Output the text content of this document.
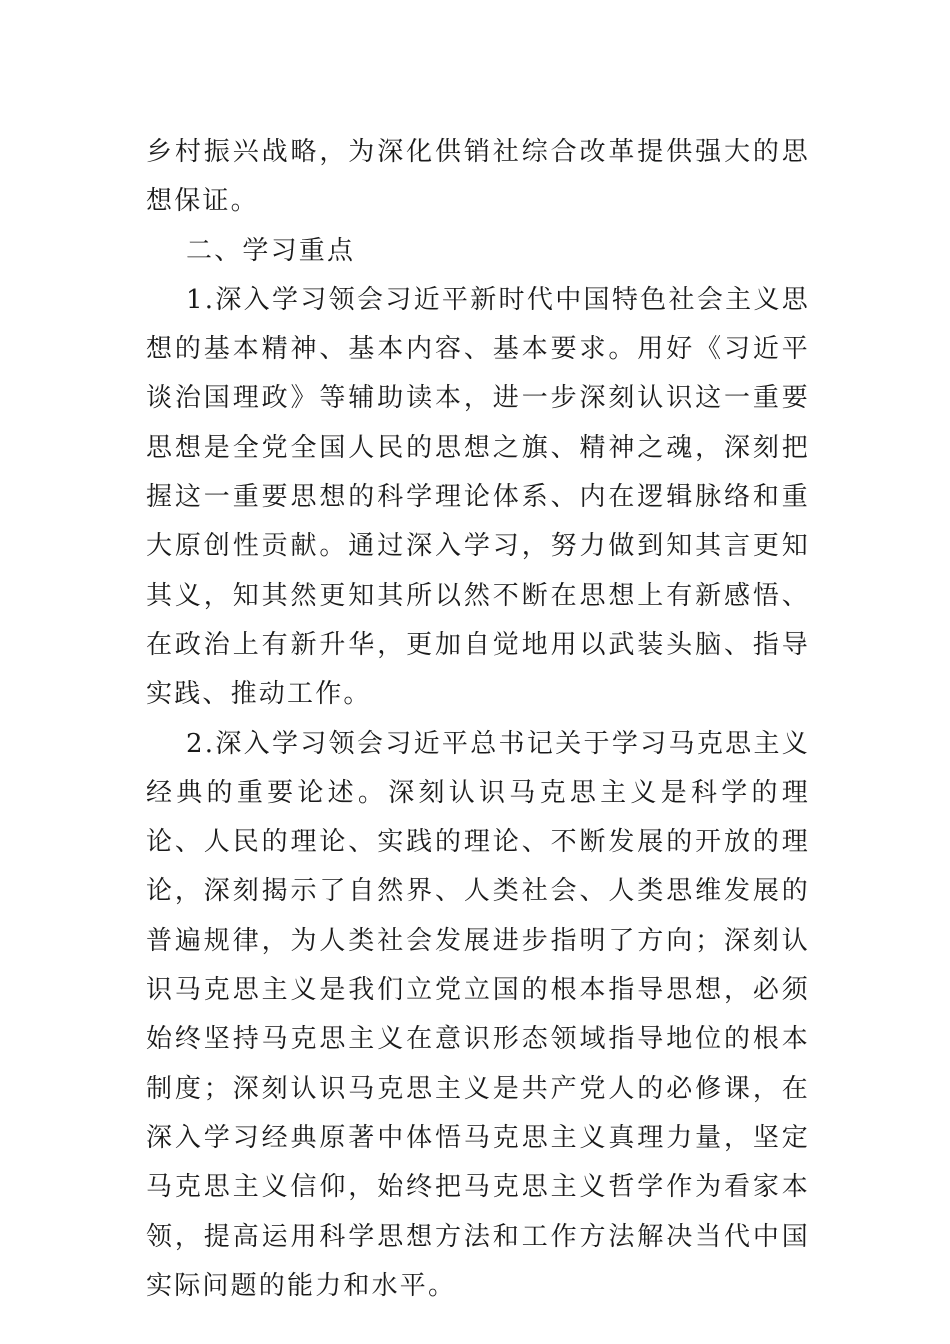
乡村振兴战略，为深化供销社综合改革提供强大的思想保证。

二、学习重点

1.深入学习领会习近平新时代中国特色社会主义思想的基本精神、基本内容、基本要求。用好《习近平谈治国理政》等辅助读本，进一步深刻认识这一重要思想是全党全国人民的思想之旗、精神之魂，深刻把握这一重要思想的科学理论体系、内在逻辑脉络和重大原创性贡献。通过深入学习，努力做到知其言更知其义，知其然更知其所以然不断在思想上有新感悟、在政治上有新升华，更加自觉地用以武装头脑、指导实践、推动工作。

2.深入学习领会习近平总书记关于学习马克思主义经典的重要论述。深刻认识马克思主义是科学的理论、人民的理论、实践的理论、不断发展的开放的理论，深刻揭示了自然界、人类社会、人类思维发展的普遍规律，为人类社会发展进步指明了方向；深刻认识马克思主义是我们立党立国的根本指导思想，必须始终坚持马克思主义在意识形态领域指导地位的根本制度；深刻认识马克思主义是共产党人的必修课，在深入学习经典原著中体悟马克思主义真理力量，坚定马克思主义信仰，始终把马克思主义哲学作为看家本领，提高运用科学思想方法和工作方法解决当代中国实际问题的能力和水平。
